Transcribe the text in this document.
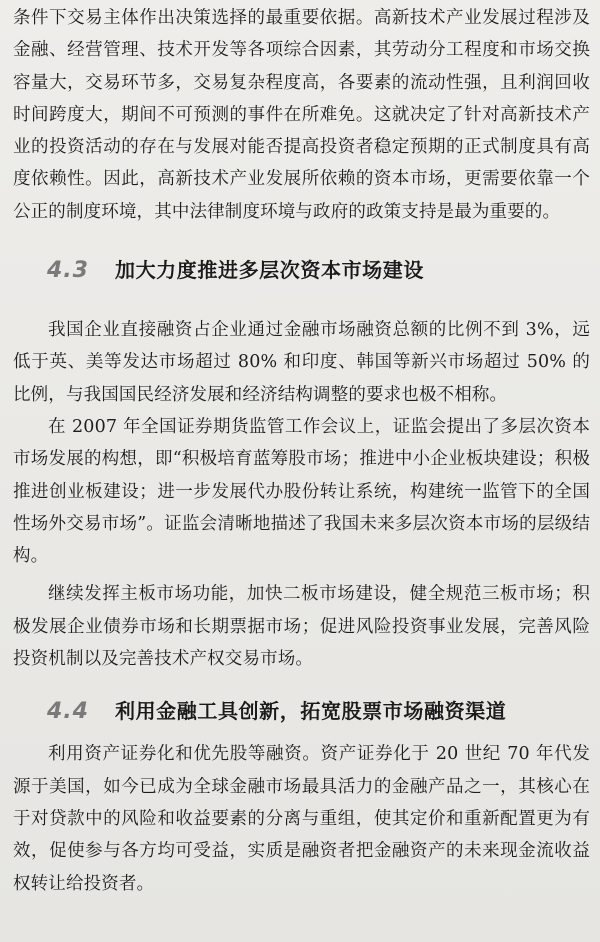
条件下交易主体作出决策选择的最重要依据。高新技术产业发展过程涉及金融、经营管理、技术开发等各项综合因素，其劳动分工程度和市场交换容量大，交易环节多，交易复杂程度高，各要素的流动性强，且利润回收时间跨度大，期间不可预测的事件在所难免。这就决定了针对高新技术产业的投资活动的存在与发展对能否提高投资者稳定预期的正式制度具有高度依赖性。因此，高新技术产业发展所依赖的资本市场，更需要依靠一个公正的制度环境，其中法律制度环境与政府的政策支持是最为重要的。

4.3 加大力度推进多层次资本市场建设

我国企业直接融资占企业通过金融市场融资总额的比例不到 3%，远低于英、美等发达市场超过 80% 和印度、韩国等新兴市场超过 50% 的比例，与我国国民经济发展和经济结构调整的要求也极不相称。

在 2007 年全国证券期货监管工作会议上，证监会提出了多层次资本市场发展的构想，即“积极培育蓝筹股市场；推进中小企业板块建设；积极推进创业板建设；进一步发展代办股份转让系统，构建统一监管下的全国性场外交易市场”。证监会清晰地描述了我国未来多层次资本市场的层级结构。

继续发挥主板市场功能，加快二板市场建设，健全规范三板市场；积极发展企业债券市场和长期票据市场；促进风险投资事业发展，完善风险投资机制以及完善技术产权交易市场。

4.4 利用金融工具创新，拓宽股票市场融资渠道

利用资产证券化和优先股等融资。资产证券化于 20 世纪 70 年代发源于美国，如今已成为全球金融市场最具活力的金融产品之一，其核心在于对贷款中的风险和收益要素的分离与重组，使其定价和重新配置更为有效，促使参与各方均可受益，实质是融资者把金融资产的未来现金流收益权转让给投资者。
